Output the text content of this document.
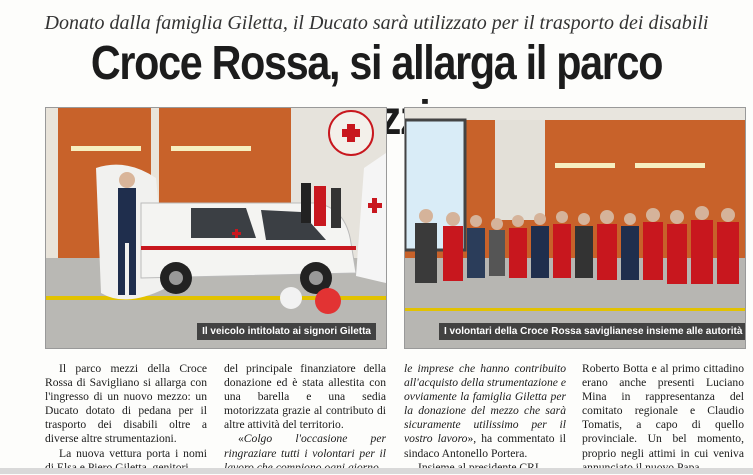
Donato dalla famiglia Giletta, il Ducato sarà utilizzato per il trasporto dei disabili
Croce Rossa, si allarga il parco
Il veicolo intitolato ai signori Giletta	I volontari della Croce Rossa saviglianese insieme alle autorità

Il parco mezzi della Croce Rossa di Savigliano si allarga con l'ingresso di un nuovo mezzo: un Ducato dotato di pedana per il trasporto dei disabili oltre a diverse altre strumentazioni.

La nuova vettura porta i nomi

del principale finanziatore della donazione ed è stata allestita con una barella e una sedia motorizzata grazie al contributo di altre attività del territorio.

«Colgo l'occasione per ringraziare tutti i volontari per il

le imprese che hanno contribuito all'acquisto della strumentazione e ovviamente la famiglia Giletta per la donazione del mezzo che sarà sicuramente utilissimo per il vostro lavoro», ha commentato il sindaco Antonello Portera.

Roberto Botta e al primo cittadino erano anche presenti Luciano Mina in rappresentanza del comitato regionale e Claudio Tomatis, a capo di quello provinciale. Un bel momento, proprio negli attimi in cui veniva
